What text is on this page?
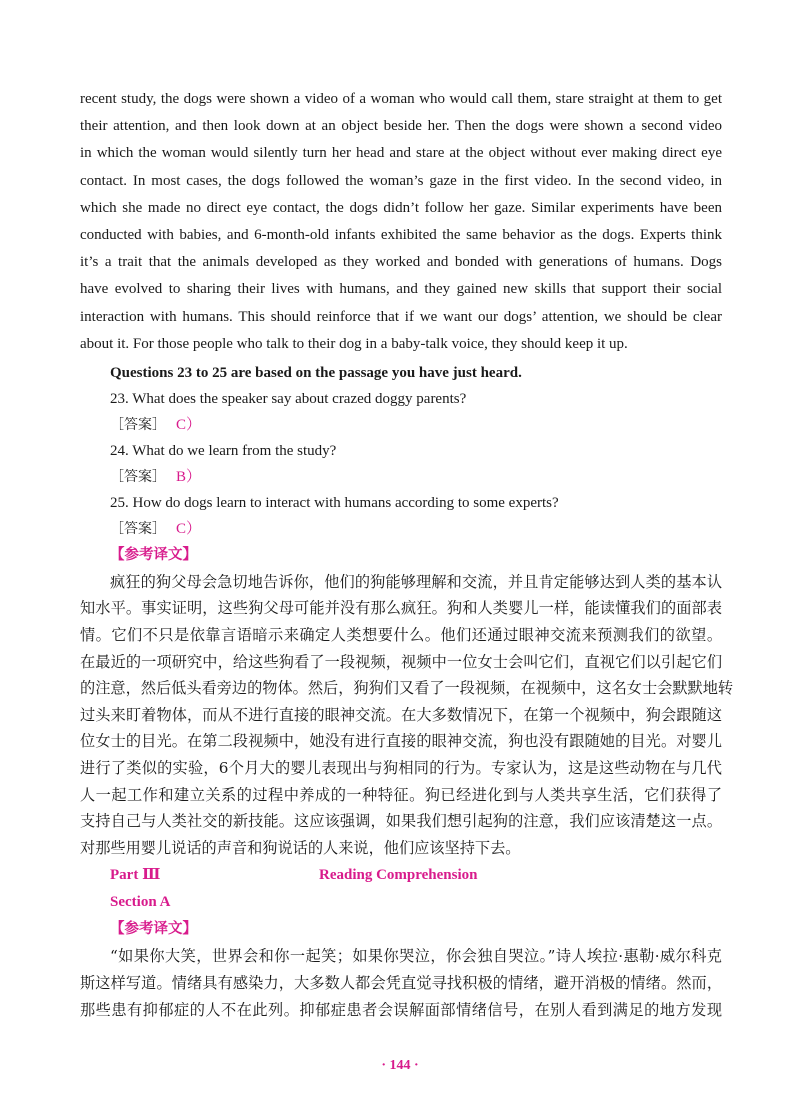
recent study, the dogs were shown a video of a woman who would call them, stare straight at them to get
their attention, and then look down at an object beside her. Then the dogs were shown a second video
in which the woman would silently turn her head and stare at the object without ever making direct eye
contact. In most cases, the dogs followed the woman’s gaze in the first video. In the second video, in
which she made no direct eye contact, the dogs didn’t follow her gaze. Similar experiments have been
conducted with babies, and 6-month-old infants exhibited the same behavior as the dogs. Experts think
it’s a trait that the animals developed as they worked and bonded with generations of humans. Dogs
have evolved to sharing their lives with humans, and they gained new skills that support their social
interaction with humans. This should reinforce that if we want our dogs’ attention, we should be clear
about it. For those people who talk to their dog in a baby-talk voice, they should keep it up.
Questions 23 to 25 are based on the passage you have just heard.
23. What does the speaker say about crazed doggy parents?
［答案］ C）
24. What do we learn from the study?
［答案］ B）
25. How do dogs learn to interact with humans according to some experts?
［答案］ C）
【参考译文】
疯狂的狗父母会急切地告诉你，他们的狗能够理解和交流，并且肯定能够达到人类的基本认
知水平。事实证明，这些狗父母可能并没有那么疯狂。狗和人类婴儿一样，能读懂我们的面部表
情。它们不只是依靠言语暗示来确定人类想要什么。他们还通过眼神交流来预测我们的欲望。
在最近的一项研究中，给这些狗看了一段视频，视频中一位女士会叫它们，直视它们以引起它们
的注意，然后低头看旁边的物体。然后，狗狗们又看了一段视频，在视频中，这名女士会默默地转
过头来盯着物体，而从不进行直接的眼神交流。在大多数情况下，在第一个视频中，狗会跟随这
位女士的目光。在第二段视频中，她没有进行直接的眼神交流，狗也没有跟随她的目光。对婴儿
进行了类似的实验，6个月大的婴儿表现出与狗相同的行为。专家认为，这是这些动物在与几代
人一起工作和建立关系的过程中养成的一种特征。狗已经进化到与人类共享生活，它们获得了
支持自己与人类社交的新技能。这应该强调，如果我们想引起狗的注意，我们应该清楚这一点。
对那些用婴儿说话的声音和狗说话的人来说，他们应该坚持下去。
Part Ⅲ	Reading Comprehension
Section A
【参考译文】
“如果你大笑，世界会和你一起笑；如果你哭泣，你会独自哭泣。”诗人埃拉·惠勒·威尔科克
斯这样写道。情绪具有感染力，大多数人都会凭直觉寻找积极的情绪，避开消极的情绪。然而，
那些患有抑郁症的人不在此列。抑郁症患者会误解面部情绪信号，在别人看到满足的地方发现
· 144 ·
